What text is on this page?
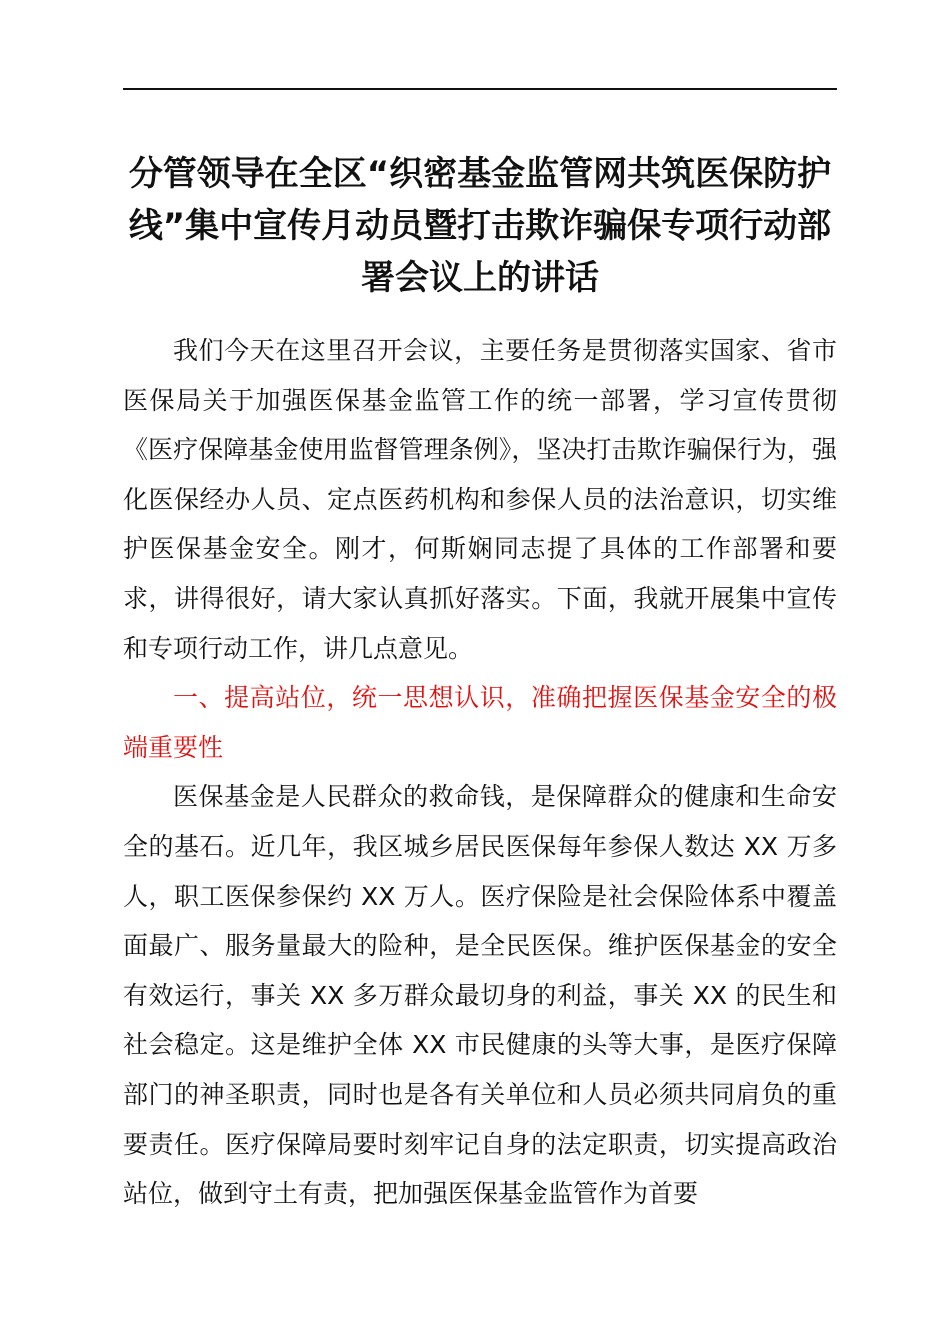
分管领导在全区“织密基金监管网共筑医保防护线”集中宣传月动员暨打击欺诈骗保专项行动部署会议上的讲话

我们今天在这里召开会议，主要任务是贯彻落实国家、省市医保局关于加强医保基金监管工作的统一部署，学习宣传贯彻《医疗保障基金使用监督管理条例》，坚决打击欺诈骗保行为，强化医保经办人员、定点医药机构和参保人员的法治意识，切实维护医保基金安全。刚才，何斯娴同志提了具体的工作部署和要求，讲得很好，请大家认真抓好落实。下面，我就开展集中宣传和专项行动工作，讲几点意见。

一、提高站位，统一思想认识，准确把握医保基金安全的极端重要性

医保基金是人民群众的救命钱，是保障群众的健康和生命安全的基石。近几年，我区城乡居民医保每年参保人数达 XX 万多人，职工医保参保约 XX 万人。医疗保险是社会保险体系中覆盖面最广、服务量最大的险种，是全民医保。维护医保基金的安全有效运行，事关 XX 多万群众最切身的利益，事关 XX 的民生和社会稳定。这是维护全体 XX 市民健康的头等大事，是医疗保障部门的神圣职责，同时也是各有关单位和人员必须共同肩负的重要责任。医疗保障局要时刻牢记自身的法定职责，切实提高政治站位，做到守土有责，把加强医保基金监管作为首要
